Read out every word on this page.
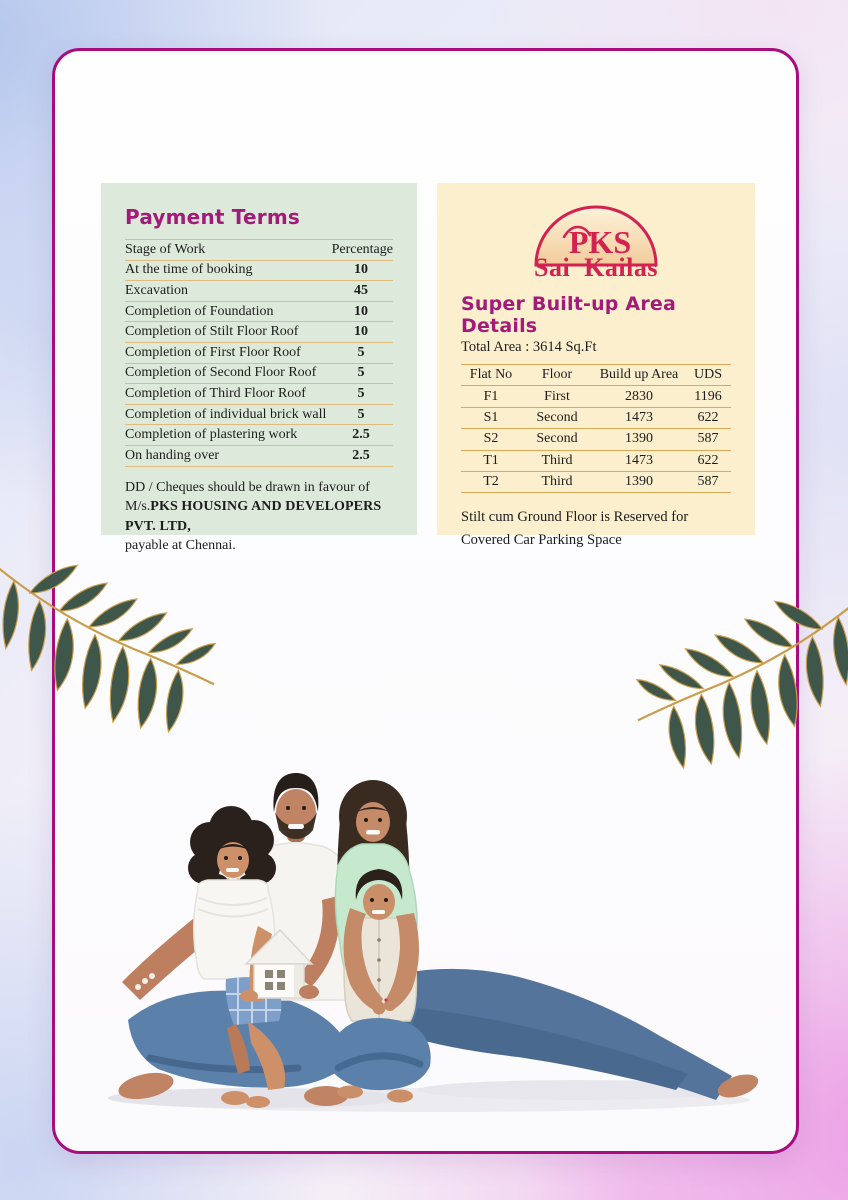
Payment Terms
Stage of Work	Percentage
At the time of booking	10
Excavation	45
Completion of Foundation	10
Completion of Stilt Floor Roof	10
Completion of First Floor Roof	5
Completion of Second Floor Roof	5
Completion of Third Floor Roof	5
Completion of individual brick wall	5
Completion of plastering work	2.5
On handing over	2.5
DD / Cheques should be drawn in favour of
M/s.PKS HOUSING AND DEVELOPERS PVT. LTD,
payable at Chennai.
PKS
Sai Kailas
Super Built-up Area Details
Total Area : 3614 Sq.Ft
Flat No	Floor	Build up Area	UDS
F1	First	2830	1196
S1	Second	1473	622
S2	Second	1390	587
T1	Third	1473	622
T2	Third	1390	587
Stilt cum Ground Floor is Reserved for
Covered Car Parking Space
